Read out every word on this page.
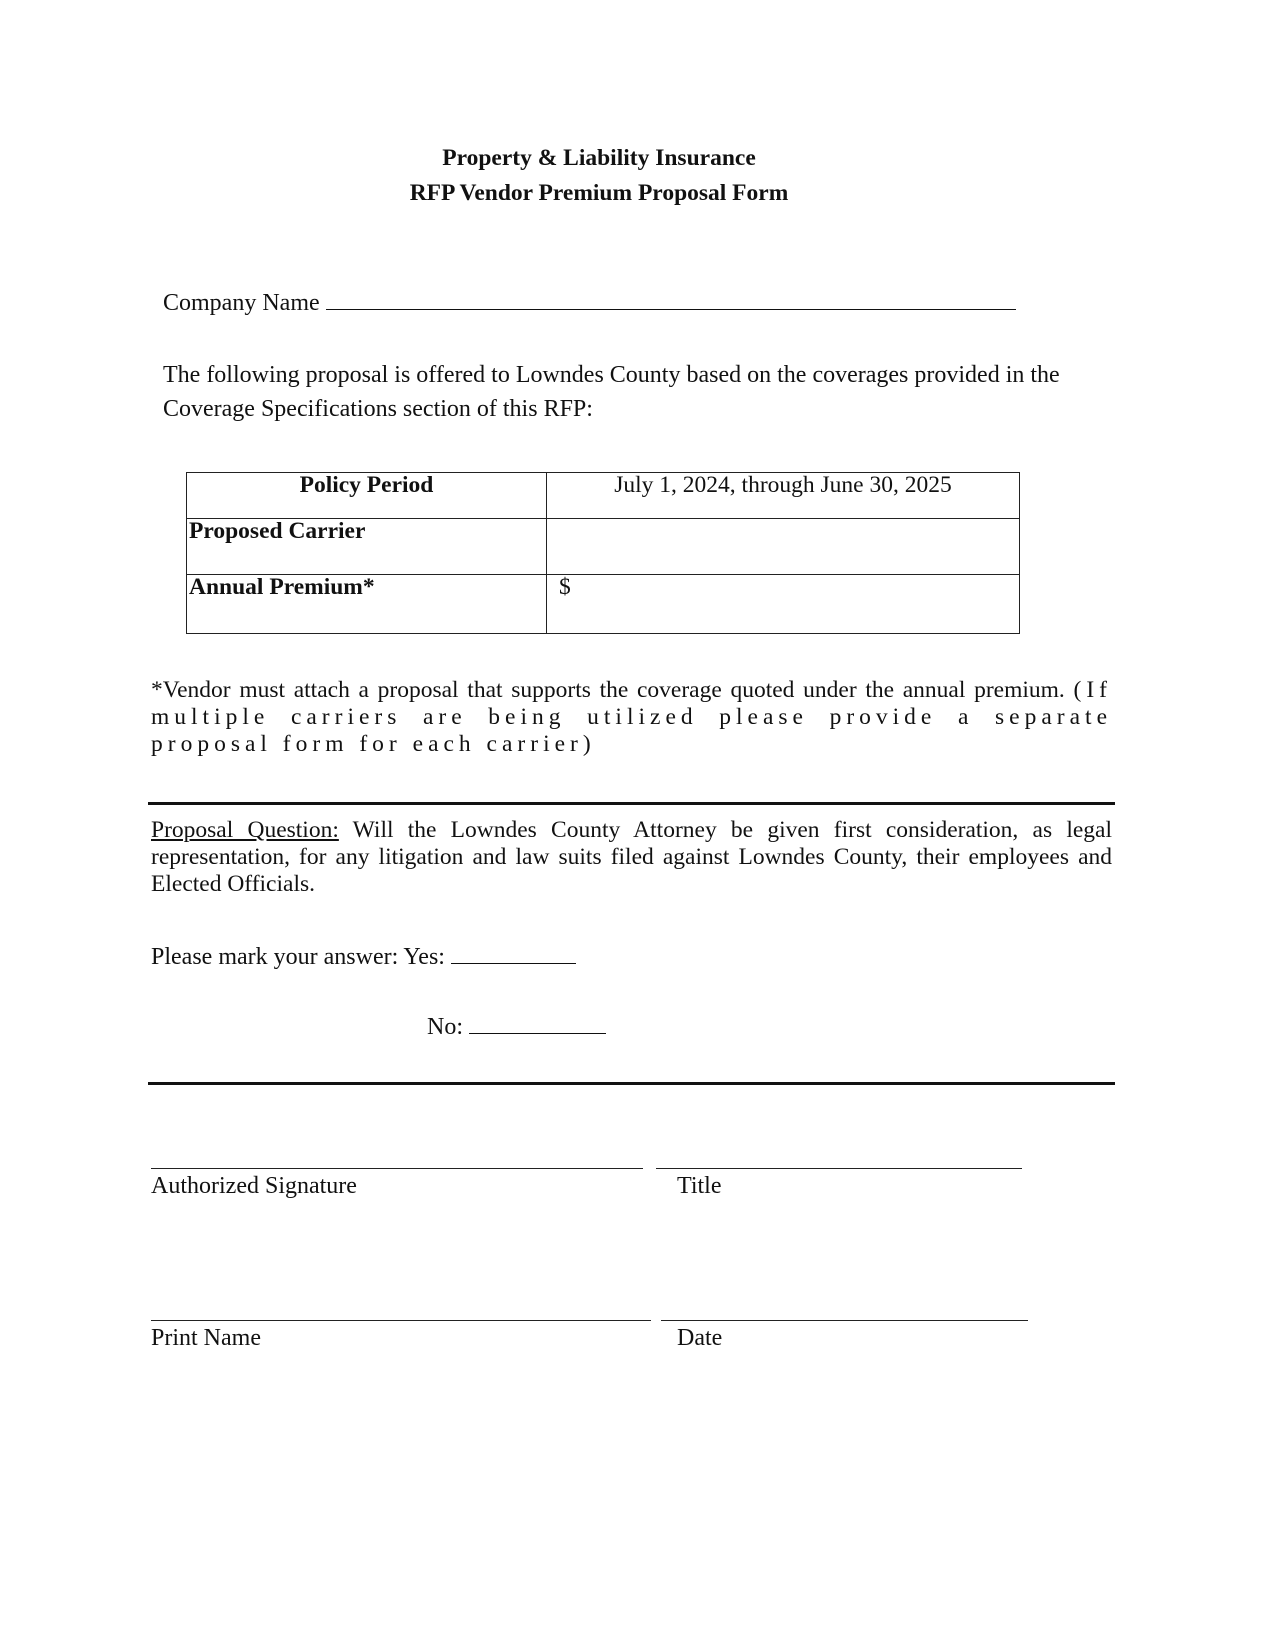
Property & Liability Insurance
RFP Vendor Premium Proposal Form
Company Name
The following proposal is offered to Lowndes County based on the coverages provided in the Coverage Specifications section of this RFP:
Policy Period	July 1, 2024, through June 30, 2025
Proposed Carrier	
Annual Premium*	$
*Vendor must attach a proposal that supports the coverage quoted under the annual premium. (If multiple carriers are being utilized please provide a separate proposal form for each carrier)
Proposal Question: Will the Lowndes County Attorney be given first consideration, as legal representation, for any litigation and law suits filed against Lowndes County, their employees and Elected Officials.
Please mark your answer: Yes:
No:
Authorized Signature	Title
Print Name	Date
